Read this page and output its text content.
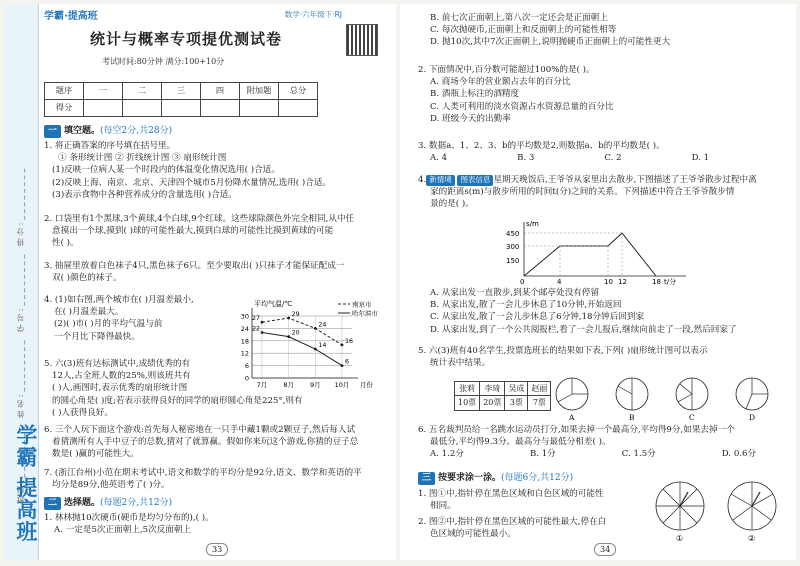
班级:________ 姓名:________ 学号:________ 得分:________
学霸 提高班
学霸·提高班	数学·六年级下·RJ
统计与概率专项提优测试卷
考试时间:80分钟 满分:100+10分
题序	一	二	三	四	附加题	总分
得分						
一 填空题。(每空2分,共28分)
1. 将正确答案的序号填在括号里。
① 条形统计图 ② 折线统计图 ③ 扇形统计图
(1)反映一位病人某一个时段内的体温变化情况选用( )合适。
(2)反映上海、南京、北京、天津四个城市5月份降水量情况,选用( )合适。
(3)表示食物中各种营养成分的含量选用( )合适。
2. 口袋里有1个黑球,3个黄球,4个白球,9个红球。这些球除颜色外完全相同,从中任
意摸出一个球,摸到( )球的可能性最大,摸到白球的可能性比摸到黄球的可能
性( )。
3. 抽屉里放着白色袜子4只,黑色袜子6只。至少要取出( )只袜子才能保证配成一
双( )颜色的袜子。
4. (1)如右图,两个城市在( )月温差最小,
在( )月温差最大。
(2)( )市( )月的平均气温与前
一个月比下降得最快。
0
6
12
18
24
30
7月 8月 9月 10月
平均气温/℃
月份
27
29
24
16
南京市
22
20
14
6
哈尔滨市
5. 六(3)班有达标测试中,成绩优秀的有
12人,占全班人数的25%,则该班共有
( )人,画图时,表示优秀的扇形统计图
的圆心角是( )度;若表示获得良好的同学的扇形圆心角是225°,则有
( )人获得良好。
6. 三个人玩下面这个游戏:首先每人秘密地在一只手中藏1颗或2颗豆子,然后每人试
着猜测所有人手中豆子的总数,猜对了就算赢。假如你来玩这个游戏,你猜的豆子总
数是( )赢的可能性大。
7. (浙江台州)小范在期末考试中,语文和数学的平均分是92分,语文、数学和英语的平
均分是89分,他英语考了( )分。
二 选择题。(每题2分,共12分)
1. 林林抛10次硬币(硬币是均匀分布的),( )。
A. 一定是5次正面朝上,5次反面朝上
33
B. 前七次正面朝上,第八次一定还会是正面朝上
C. 每次抛硬币,正面朝上和反面朝上的可能性相等
D. 抛10次,其中7次正面朝上,说明抛硬币正面朝上的可能性更大
2. 下面情况中,百分数可能超过100%的是( )。
A. 商场今年的营业额占去年的百分比
B. 酒瓶上标注的酒精度
C. 人类可利用的淡水资源占水资源总量的百分比
D. 班级今天的出勤率
3. 数据a、1、2、3、b的平均数是2,则数据a、b的平均数是( )。
A. 4	B. 3	C. 2	D. 1
4. 新情境 图表信息 星期天晚饭后,王爷爷从家里出去散步,下图描述了王爷爷散步过程中离
家的距离s(m)与散步所用的时间t(分)之间的关系。下列描述中符合王爷爷散步情
景的是( )。
s/m
t/分
450
300
150
0	4	10 12	18
A. 从家出发一直散步,到某个邮亭处没有停留
B. 从家出发,散了一会儿步休息了10分钟,开始返回
C. 从家出发,散了一会儿步休息了6分钟,18分钟后回到家
D. 从家出发,到了一个公共阅报栏,看了一会儿报后,继续向前走了一段,然后回家了
5. 六(3)班有40名学生,投票选班长的结果如下表,下列( )扇形统计图可以表示
统计表中结果。
张莉	李琦	吴成	赵丽
10票	20票	3票	7票
A	B	C	D
6. 五名裁判员给一名跳水运动员打分,如果去掉一个最高分,平均得9分,如果去掉一个
最低分,平均得9.3分。最高分与最低分相差( )。
A. 1.2分	B. 1分	C. 1.5分	D. 0.6分
三 按要求涂一涂。(每题6分,共12分)
1. 图①中,指针停在黑色区域和白色区域的可能性
相同。
2. 图②中,指针停在黑色区域的可能性最大,停在白
色区域的可能性最小。	①	②
34
